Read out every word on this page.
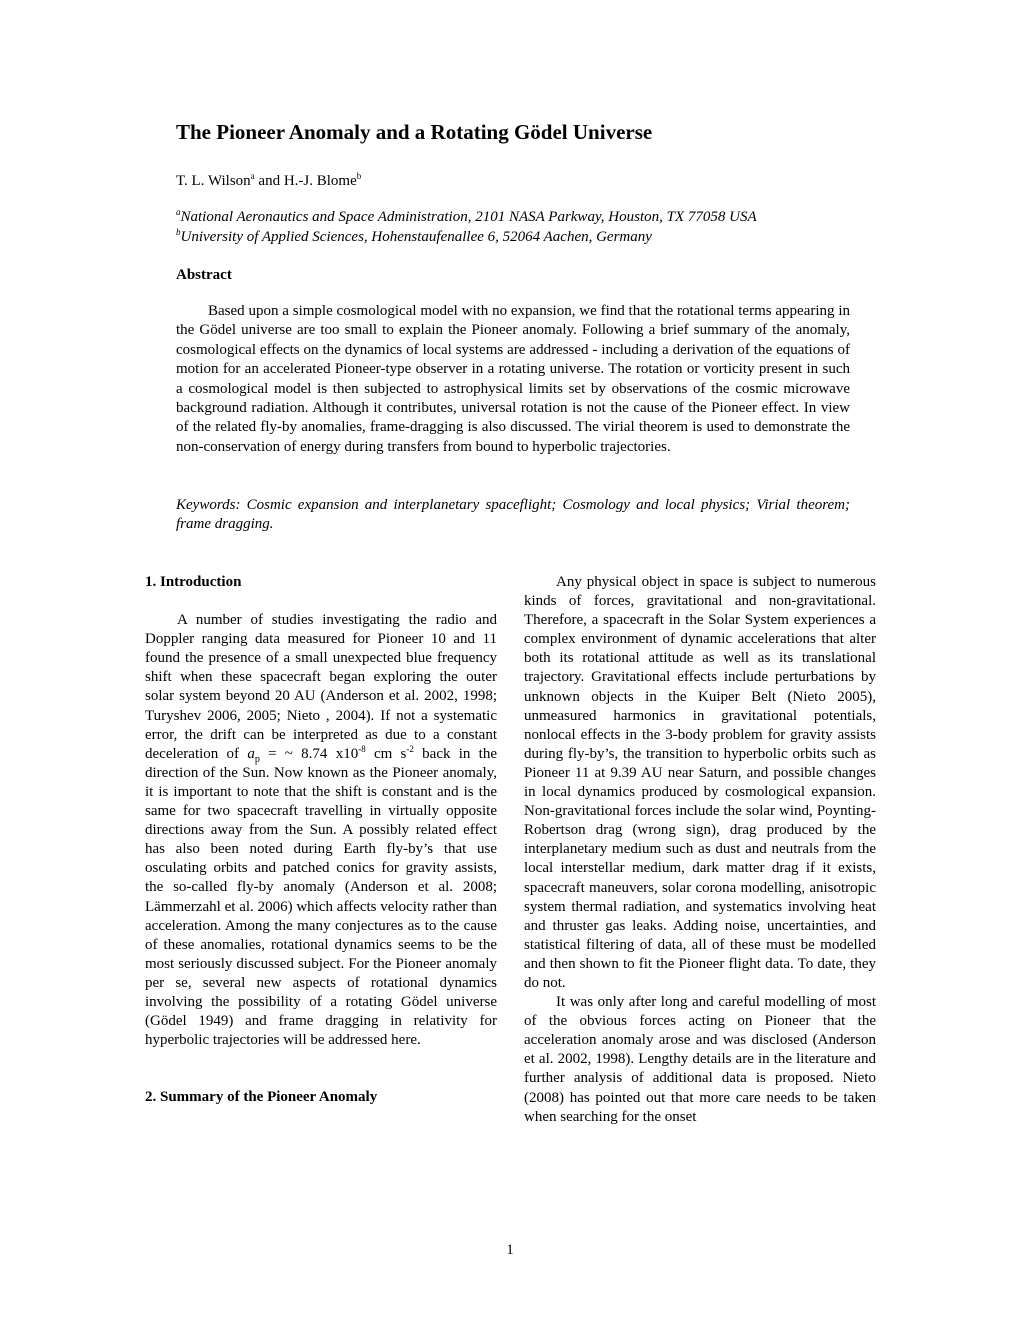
The Pioneer Anomaly and a Rotating Gödel Universe
T. L. Wilson$^a$ and H.-J. Blome$^b$
$^a$National Aeronautics and Space Administration, 2101 NASA Parkway, Houston, TX 77058 USA
$^b$University of Applied Sciences, Hohenstaufenallee 6, 52064 Aachen, Germany
Abstract

Based upon a simple cosmological model with no expansion, we find that the rotational terms appearing in the Gödel universe are too small to explain the Pioneer anomaly. Following a brief summary of the anomaly, cosmological effects on the dynamics of local systems are addressed - including a derivation of the equations of motion for an accelerated Pioneer-type observer in a rotating universe. The rotation or vorticity present in such a cosmological model is then subjected to astrophysical limits set by observations of the cosmic microwave background radiation. Although it contributes, universal rotation is not the cause of the Pioneer effect. In view of the related fly-by anomalies, frame-dragging is also discussed. The virial theorem is used to demonstrate the non-conservation of energy during transfers from bound to hyperbolic trajectories.

Keywords: Cosmic expansion and interplanetary spaceflight; Cosmology and local physics; Virial theorem; frame dragging.

1. Introduction

A number of studies investigating the radio and Doppler ranging data measured for Pioneer 10 and 11 found the presence of a small unexpected blue frequency shift when these spacecraft began exploring the outer solar system beyond 20 AU (Anderson et al. 2002, 1998; Turyshev 2006, 2005; Nieto , 2004). If not a systematic error, the drift can be interpreted as due to a constant deceleration of $a_p$ = ~ 8.74 $x10^{-8}$ cm $s^{-2}$ back in the direction of the Sun. Now known as the Pioneer anomaly, it is important to note that the shift is constant and is the same for two spacecraft travelling in virtually opposite directions away from the Sun. A possibly related effect has also been noted during Earth fly-by’s that use osculating orbits and patched conics for gravity assists, the so-called fly-by anomaly (Anderson et al. 2008; Lämmerzahl et al. 2006) which affects velocity rather than acceleration. Among the many conjectures as to the cause of these anomalies, rotational dynamics seems to be the most seriously discussed subject. For the Pioneer anomaly per se, several new aspects of rotational dynamics involving the possibility of a rotating Gödel universe (Gödel 1949) and frame dragging in relativity for hyperbolic trajectories will be addressed here.

2. Summary of the Pioneer Anomaly

Any physical object in space is subject to numerous kinds of forces, gravitational and non-gravitational. Therefore, a spacecraft in the Solar System experiences a complex environment of dynamic accelerations that alter both its rotational attitude as well as its translational trajectory. Gravitational effects include perturbations by unknown objects in the Kuiper Belt (Nieto 2005), unmeasured harmonics in gravitational potentials, nonlocal effects in the 3-body problem for gravity assists during fly-by’s, the transition to hyperbolic orbits such as Pioneer 11 at 9.39 AU near Saturn, and possible changes in local dynamics produced by cosmological expansion. Non-gravitational forces include the solar wind, Poynting-Robertson drag (wrong sign), drag produced by the interplanetary medium such as dust and neutrals from the local interstellar medium, dark matter drag if it exists, spacecraft maneuvers, solar corona modelling, anisotropic system thermal radiation, and systematics involving heat and thruster gas leaks. Adding noise, uncertainties, and statistical filtering of data, all of these must be modelled and then shown to fit the Pioneer flight data. To date, they do not.

It was only after long and careful modelling of most of the obvious forces acting on Pioneer that the acceleration anomaly arose and was disclosed (Anderson et al. 2002, 1998). Lengthy details are in the literature and further analysis of additional data is proposed. Nieto (2008) has pointed out that more care needs to be taken when searching for the onset

1
